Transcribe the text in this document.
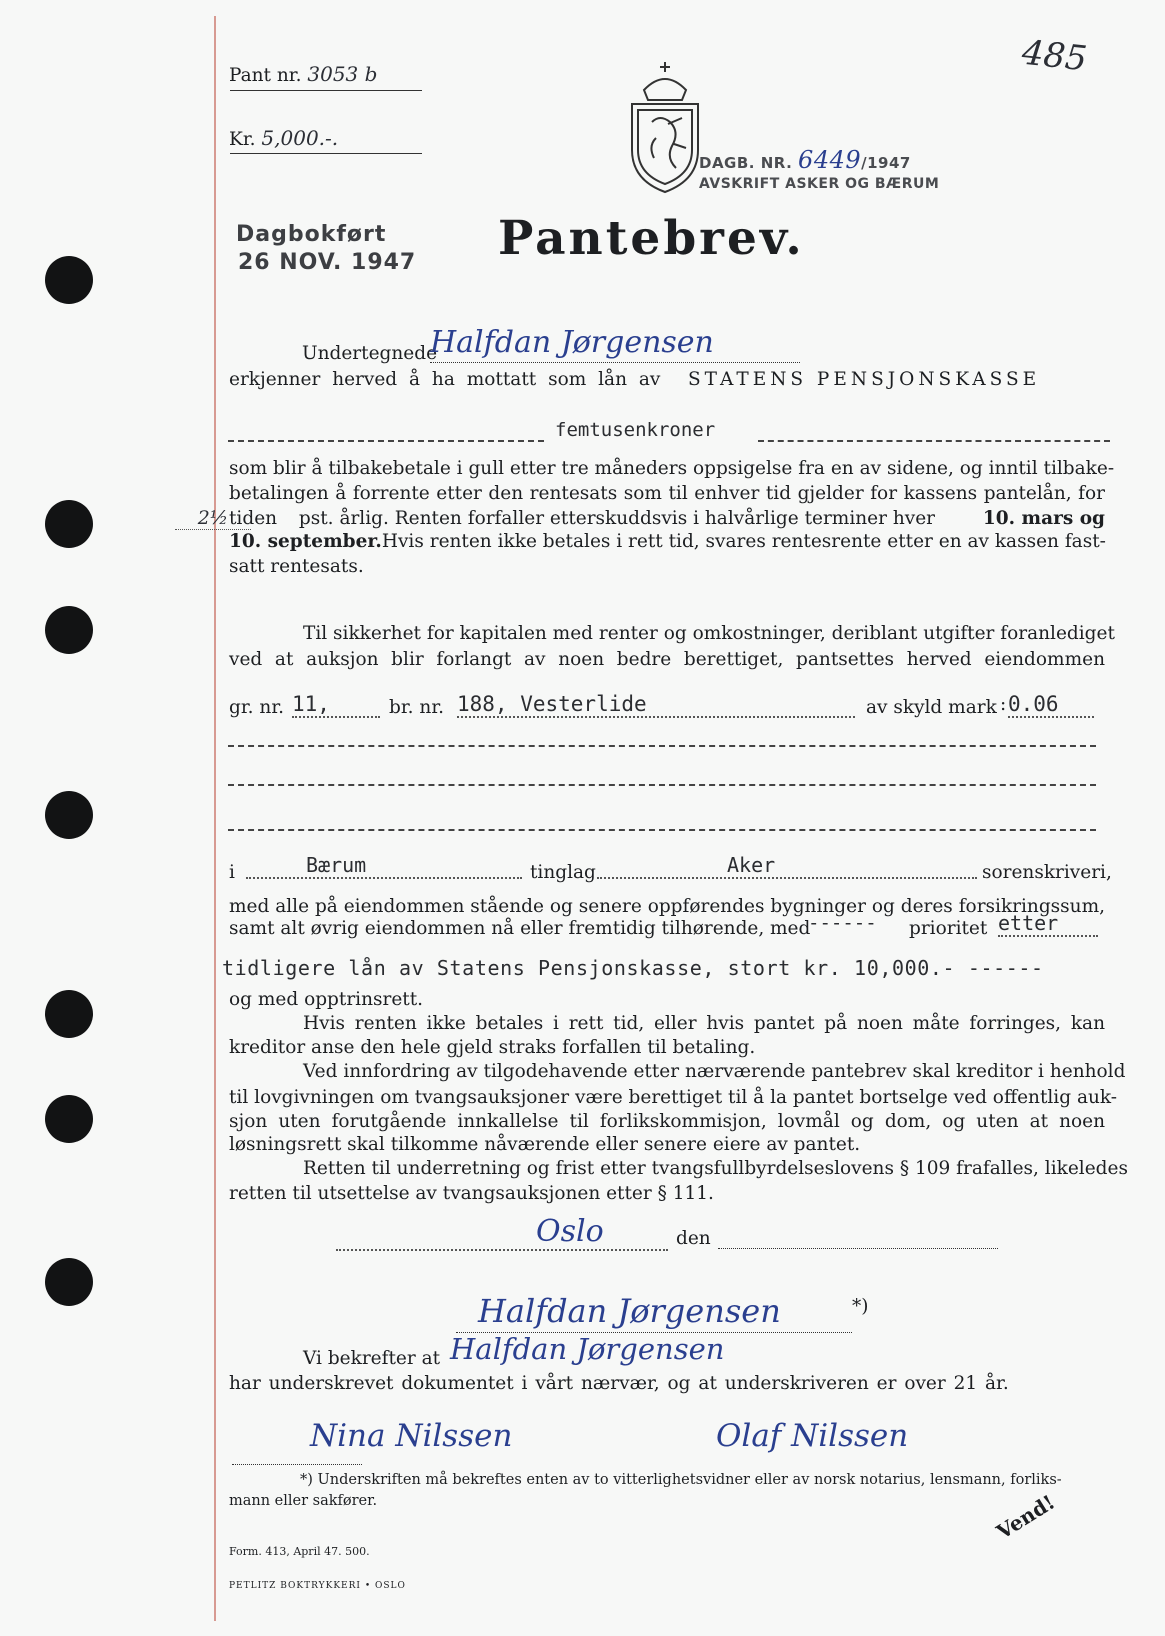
Pant nr. 3053 b
Kr. 5,000.-.
485
DAGB. NR. 6449/1947
AVSKRIFT ASKER OG BÆRUM
Dagbokført
26 NOV. 1947 Pantebrev.
Undertegnede
Halfdan Jørgensen
erkjenner herved å ha mottatt som lån av STATENS PENSJONSKASSE
femtusenkroner
som blir å tilbakebetale i gull etter tre måneders oppsigelse fra en av sidene, og inntil tilbake-
betalingen å forrente etter den rentesats som til enhver tid gjelder for kassens pantelån, for
tiden
2½	pst. årlig. Renten forfaller etterskuddsvis i halvårlige terminer hver	10. mars og
10. september. Hvis renten ikke betales i rett tid, svares rentesrente etter en av kassen fast-
satt rentesats.
Til sikkerhet for kapitalen med renter og omkostninger, deriblant utgifter foranlediget
ved at auksjon blir forlangt av noen bedre berettiget, pantsettes herved eiendommen
gr. nr. 11,	br. nr. 188, Vesterlide	av skyld mark : 0.06
i	Bærum	tinglag	Aker	sorenskriveri,
med alle på eiendommen stående og senere oppførendes bygninger og deres forsikringssum,
samt alt øvrig eiendommen nå eller fremtidig tilhørende, med
------ prioritet etter
tidligere lån av Statens Pensjonskasse, stort kr. 10,000.- ------
og med opptrinsrett.
Hvis renten ikke betales i rett tid, eller hvis pantet på noen måte forringes, kan
kreditor anse den hele gjeld straks forfallen til betaling.
Ved innfordring av tilgodehavende etter nærværende pantebrev skal kreditor i henhold
til lovgivningen om tvangsauksjoner være berettiget til å la pantet bortselge ved offentlig auk-
sjon uten forutgående innkallelse til forlikskommisjon, lovmål og dom, og uten at noen
løsningsrett skal tilkomme nåværende eller senere eiere av pantet.
Retten til underretning og frist etter tvangsfullbyrdelseslovens § 109 frafalles, likeledes
retten til utsettelse av tvangsauksjonen etter § 111.
Oslo	den
Halfdan Jørgensen	*)
Vi bekrefter at Halfdan Jørgensen
har underskrevet dokumentet i vårt nærvær, og at underskriveren er over 21 år.
Nina Nilssen	Olaf Nilssen
*) Underskriften må bekreftes enten av to vitterlighetsvidner eller av norsk notarius, lensmann, forliks-
mann eller sakfører.
Form. 413, April 47. 500.
PETLITZ BOKTRYKKERI • OSLO
Vend!
